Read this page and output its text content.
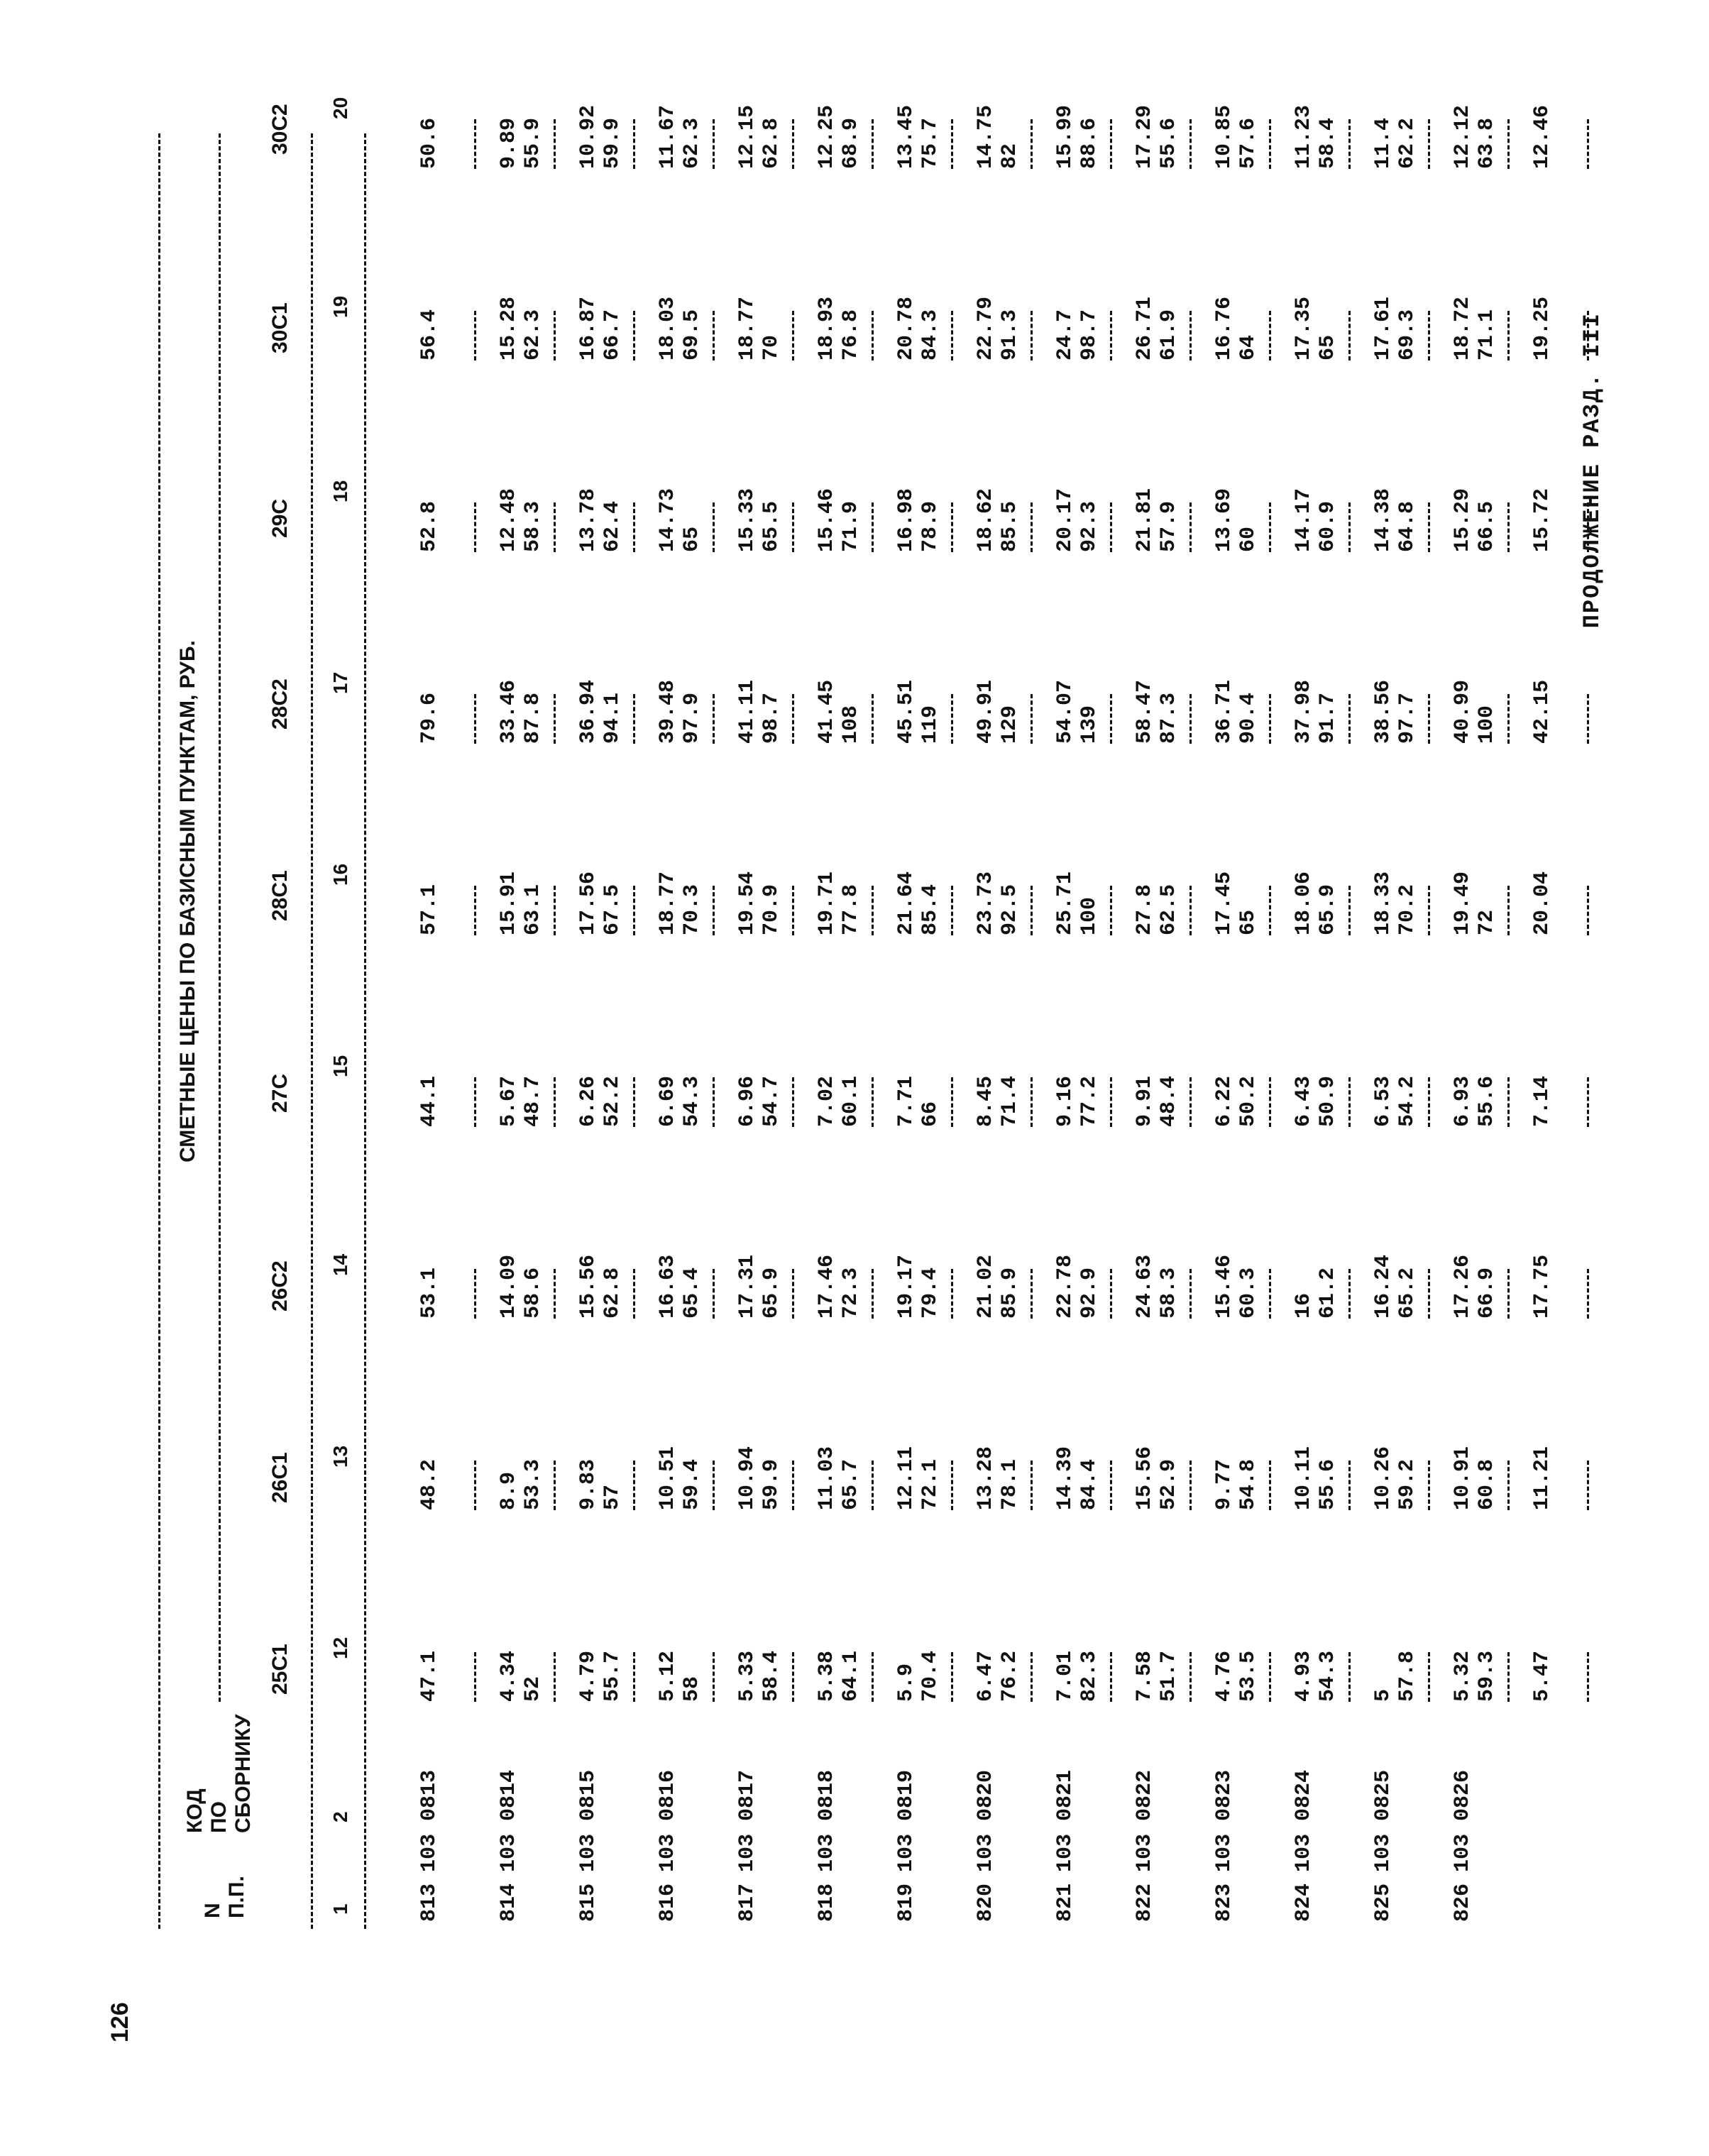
126
ПРОДОЛЖЕНИЕ РАЗД. III
N
П.П.
КОД
ПО
СБОРНИКУ
СМЕТНЫЕ ЦЕНЫ ПО БАЗИСНЫМ ПУНКТАМ, РУБ.
25С1
26С1
26С2
27С
28С1
28С2
29С
30С1
30С2
1
2
12
13
14
15
16
17
18
19
20
813
103 0813
47.1
48.2
53.1
44.1
57.1
79.6
52.8
56.4
50.6
814
103 0814
4.34
8.9
14.09
5.67
15.91
33.46
12.48
15.28
9.89
52
53.3
58.6
48.7
63.1
87.8
58.3
62.3
55.9
815
103 0815
4.79
9.83
15.56
6.26
17.56
36.94
13.78
16.87
10.92
55.7
57
62.8
52.2
67.5
94.1
62.4
66.7
59.9
816
103 0816
5.12
10.51
16.63
6.69
18.77
39.48
14.73
18.03
11.67
58
59.4
65.4
54.3
70.3
97.9
65
69.5
62.3
817
103 0817
5.33
10.94
17.31
6.96
19.54
41.11
15.33
18.77
12.15
58.4
59.9
65.9
54.7
70.9
98.7
65.5
70
62.8
818
103 0818
5.38
11.03
17.46
7.02
19.71
41.45
15.46
18.93
12.25
64.1
65.7
72.3
60.1
77.8
108
71.9
76.8
68.9
819
103 0819
5.9
12.11
19.17
7.71
21.64
45.51
16.98
20.78
13.45
70.4
72.1
79.4
66
85.4
119
78.9
84.3
75.7
820
103 0820
6.47
13.28
21.02
8.45
23.73
49.91
18.62
22.79
14.75
76.2
78.1
85.9
71.4
92.5
129
85.5
91.3
82
821
103 0821
7.01
14.39
22.78
9.16
25.71
54.07
20.17
24.7
15.99
82.3
84.4
92.9
77.2
100
139
92.3
98.7
88.6
822
103 0822
7.58
15.56
24.63
9.91
27.8
58.47
21.81
26.71
17.29
51.7
52.9
58.3
48.4
62.5
87.3
57.9
61.9
55.6
823
103 0823
4.76
9.77
15.46
6.22
17.45
36.71
13.69
16.76
10.85
53.5
54.8
60.3
50.2
65
90.4
60
64
57.6
824
103 0824
4.93
10.11
16
6.43
18.06
37.98
14.17
17.35
11.23
54.3
55.6
61.2
50.9
65.9
91.7
60.9
65
58.4
825
103 0825
5
10.26
16.24
6.53
18.33
38.56
14.38
17.61
11.4
57.8
59.2
65.2
54.2
70.2
97.7
64.8
69.3
62.2
826
103 0826
5.32
10.91
17.26
6.93
19.49
40.99
15.29
18.72
12.12
59.3
60.8
66.9
55.6
72
100
66.5
71.1
63.8
5.47
11.21
17.75
7.14
20.04
42.15
15.72
19.25
12.46
